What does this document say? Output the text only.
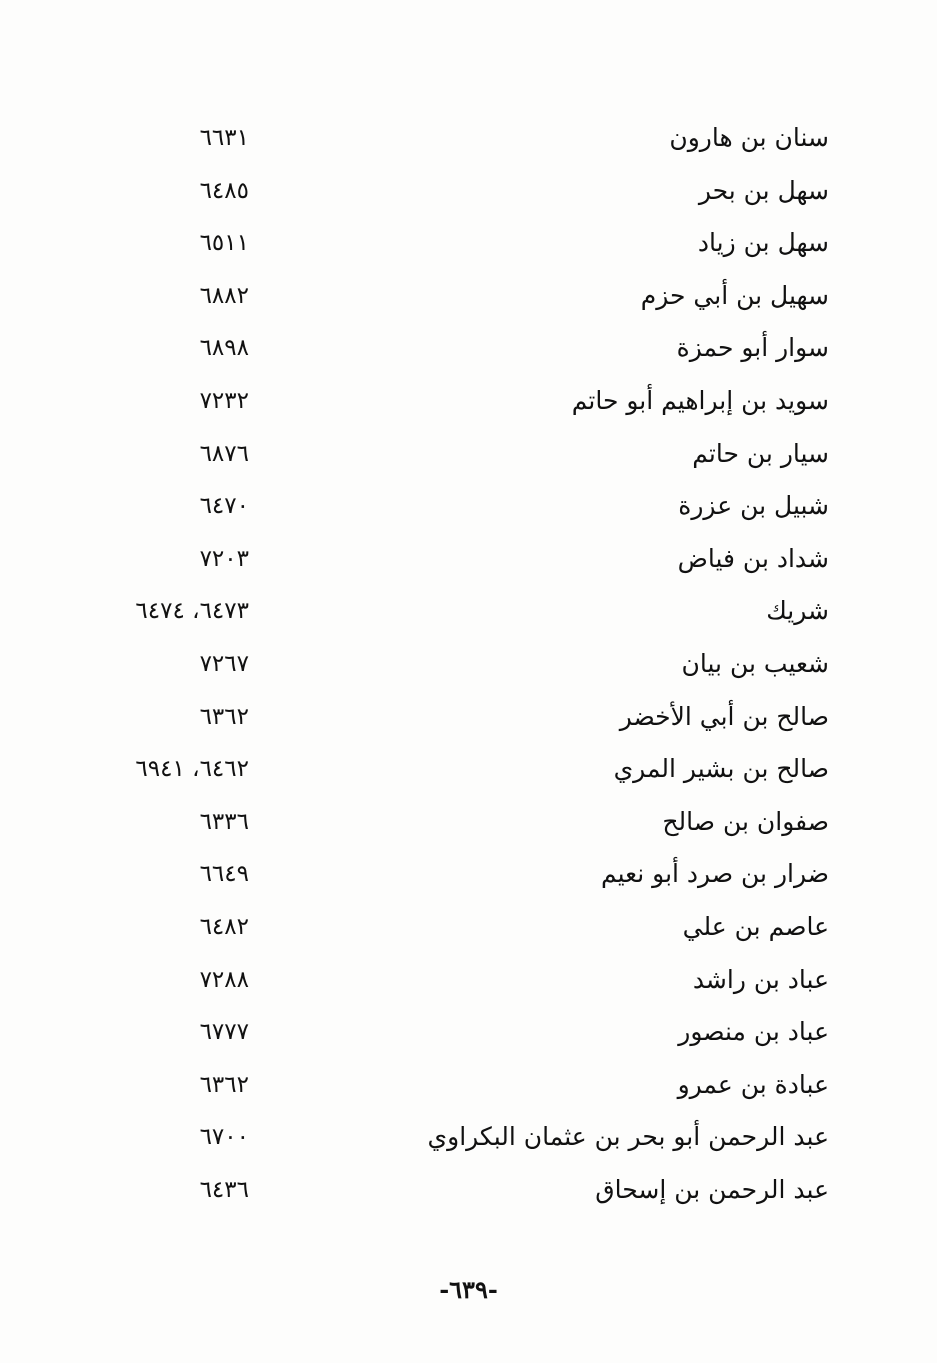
سنان بن هارون
٦٦٣١
سهل بن بحر
٦٤٨٥
سهل بن زياد
٦٥١١
سهيل بن أبي حزم
٦٨٨٢
سوار أبو حمزة
٦٨٩٨
سويد بن إبراهيم أبو حاتم
٧٢٣٢
سيار بن حاتم
٦٨٧٦
شبيل بن عزرة
٦٤٧٠
شداد بن فياض
٧٢٠٣
شريك
٦٤٧٣، ٦٤٧٤
شعيب بن بيان
٧٢٦٧
صالح بن أبي الأخضر
٦٣٦٢
صالح بن بشير المري
٦٤٦٢، ٦٩٤١
صفوان بن صالح
٦٣٣٦
ضرار بن صرد أبو نعيم
٦٦٤٩
عاصم بن علي
٦٤٨٢
عباد بن راشد
٧٢٨٨
عباد بن منصور
٦٧٧٧
عبادة بن عمرو
٦٣٦٢
عبد الرحمن أبو بحر بن عثمان البكراوي
٦٧٠٠
عبد الرحمن بن إسحاق
٦٤٣٦
-٦٣٩-
